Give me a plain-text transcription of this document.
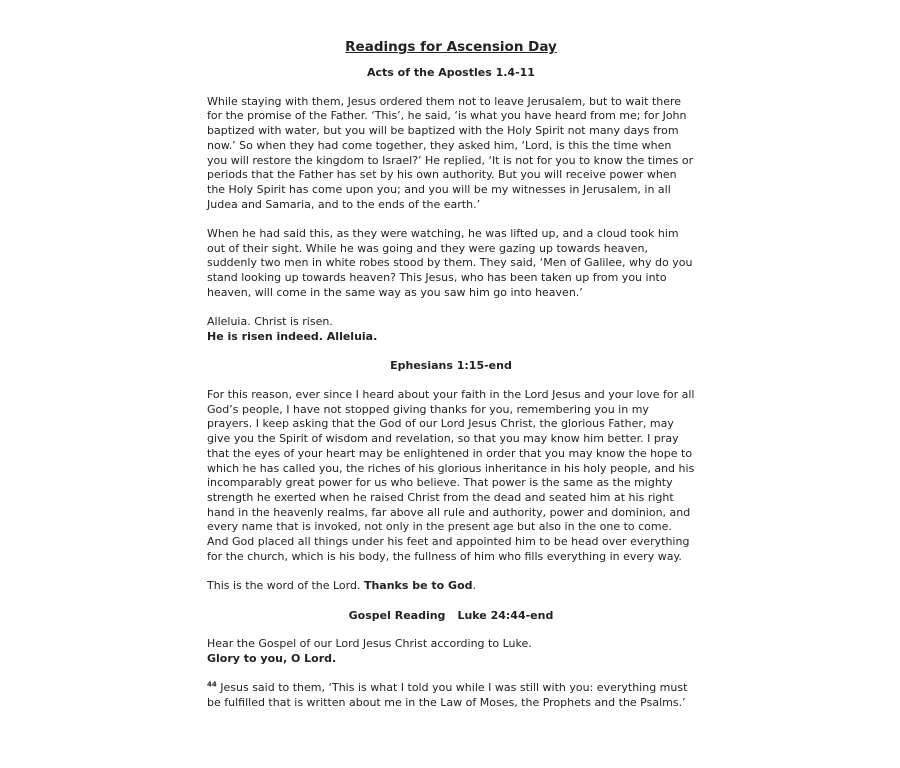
Readings for Ascension Day
Acts of the Apostles 1.4-11

While staying with them, Jesus ordered them not to leave Jerusalem, but to wait there for the promise of the Father. ‘This’, he said, ‘is what you have heard from me; for John baptized with water, but you will be baptized with the Holy Spirit not many days from now.’ So when they had come together, they asked him, ‘Lord, is this the time when you will restore the kingdom to Israel?’ He replied, ‘It is not for you to know the times or periods that the Father has set by his own authority. But you will receive power when the Holy Spirit has come upon you; and you will be my witnesses in Jerusalem, in all Judea and Samaria, and to the ends of the earth.’

When he had said this, as they were watching, he was lifted up, and a cloud took him out of their sight. While he was going and they were gazing up towards heaven, suddenly two men in white robes stood by them. They said, ‘Men of Galilee, why do you stand looking up towards heaven? This Jesus, who has been taken up from you into heaven, will come in the same way as you saw him go into heaven.’

Alleluia. Christ is risen.
He is risen indeed. Alleluia.

Ephesians 1:15-end

For this reason, ever since I heard about your faith in the Lord Jesus and your love for all God’s people, I have not stopped giving thanks for you, remembering you in my prayers. I keep asking that the God of our Lord Jesus Christ, the glorious Father, may give you the Spirit of wisdom and revelation, so that you may know him better. I pray that the eyes of your heart may be enlightened in order that you may know the hope to which he has called you, the riches of his glorious inheritance in his holy people, and his incomparably great power for us who believe. That power is the same as the mighty strength he exerted when he raised Christ from the dead and seated him at his right hand in the heavenly realms, far above all rule and authority, power and dominion, and every name that is invoked, not only in the present age but also in the one to come. And God placed all things under his feet and appointed him to be head over everything for the church, which is his body, the fullness of him who fills everything in every way.

This is the word of the Lord. Thanks be to God.

Gospel Reading Luke 24:44-end

Hear the Gospel of our Lord Jesus Christ according to Luke.
Glory to you, O Lord.

$^{44}$ Jesus said to them, ‘This is what I told you while I was still with you: everything must be fulfilled that is written about me in the Law of Moses, the Prophets and the Psalms.’
